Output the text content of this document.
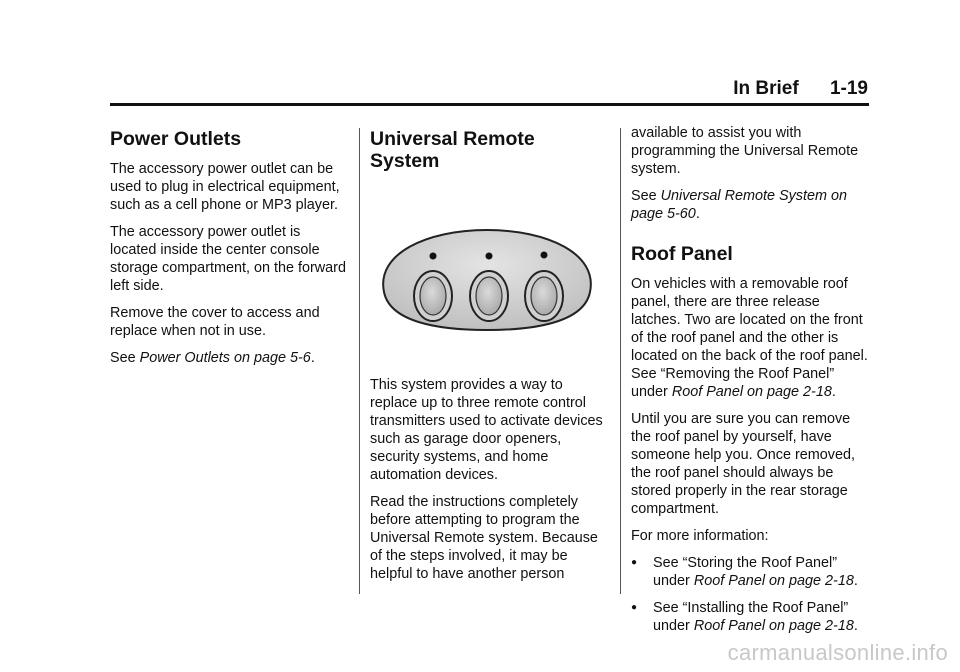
In Brief 1-19
Power Outlets

The accessory power outlet can be used to plug in electrical equipment, such as a cell phone or MP3 player.

The accessory power outlet is located inside the center console storage compartment, on the forward left side.

Remove the cover to access and replace when not in use.

See Power Outlets on page 5-6.

Universal Remote System

This system provides a way to replace up to three remote control transmitters used to activate devices such as garage door openers, security systems, and home automation devices.

Read the instructions completely before attempting to program the Universal Remote system. Because of the steps involved, it may be helpful to have another person

available to assist you with programming the Universal Remote system.

See Universal Remote System on page 5-60.

Roof Panel

On vehicles with a removable roof panel, there are three release latches. Two are located on the front of the roof panel and the other is located on the back of the roof panel. See “Removing the Roof Panel” under Roof Panel on page 2-18.

Until you are sure you can remove the roof panel by yourself, have someone help you. Once removed, the roof panel should always be stored properly in the rear storage compartment.

For more information:

● See “Storing the Roof Panel” under Roof Panel on page 2-18.
● See “Installing the Roof Panel” under Roof Panel on page 2-18.
carmanualsonline.info
